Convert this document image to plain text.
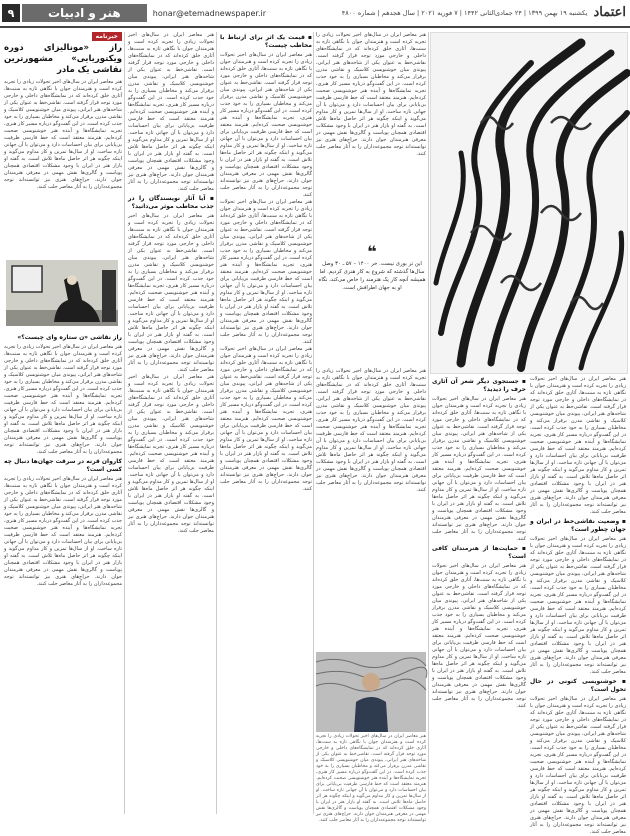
۹	هنر و ادبیات	honar@etemadnewspaper.ir	اعتماد
یکشنبه ۱۹ بهمن ۱۳۹۹ | ۲۴ جمادی‌الثانی ۱۴۴۲ | ۷ فوریه ۲۰۲۱ | سال هجدهم | شماره ۴۸۰۰
خبرنامه
راز «مونالیزای دوره ویکتوریایی» مشهورترین نقاشی یک مادر
هنر معاصر ایران در سال‌های اخیر تحولات زیادی را تجربه کرده است و هنرمندان جوان با نگاهی تازه به سنت‌ها، آثاری خلق کرده‌اند که در نمایشگاه‌های داخلی و خارجی مورد توجه قرار گرفته است. نقاشی‌خط به عنوان یکی از شاخه‌های هنر ایرانی، پیوندی میان خوشنویسی کلاسیک و نقاشی مدرن برقرار می‌کند و مخاطبان بسیاری را به خود جذب کرده است. در این گفت‌وگو درباره مسیر کار هنری، تجربه نمایشگاه‌ها و آینده هنر خوشنویسی صحبت کرده‌ایم. هنرمند معتقد است که خط فارسی ظرفیت بی‌پایانی برای بیان احساسات دارد و می‌توان با آن جهانی تازه ساخت. او از سال‌ها تمرین و کار مداوم می‌گوید و اینکه چگونه هر اثر حاصل ماه‌ها تلاش است. به گفته او بازار هنر در ایران با وجود مشکلات اقتصادی همچنان پویاست و گالری‌ها نقش مهمی در معرفی هنرمندان جوان دارند. حراج‌های هنری نیز توانسته‌اند توجه مجموعه‌داران را به آثار معاصر جلب کنند.
راز نقاشی «ن ستاره وای چیست؟»
هنر معاصر ایران در سال‌های اخیر تحولات زیادی را تجربه کرده است و هنرمندان جوان با نگاهی تازه به سنت‌ها، آثاری خلق کرده‌اند که در نمایشگاه‌های داخلی و خارجی مورد توجه قرار گرفته است. نقاشی‌خط به عنوان یکی از شاخه‌های هنر ایرانی، پیوندی میان خوشنویسی کلاسیک و نقاشی مدرن برقرار می‌کند و مخاطبان بسیاری را به خود جذب کرده است. در این گفت‌وگو درباره مسیر کار هنری، تجربه نمایشگاه‌ها و آینده هنر خوشنویسی صحبت کرده‌ایم. هنرمند معتقد است که خط فارسی ظرفیت بی‌پایانی برای بیان احساسات دارد و می‌توان با آن جهانی تازه ساخت. او از سال‌ها تمرین و کار مداوم می‌گوید و اینکه چگونه هر اثر حاصل ماه‌ها تلاش است. به گفته او بازار هنر در ایران با وجود مشکلات اقتصادی همچنان پویاست و گالری‌ها نقش مهمی در معرفی هنرمندان جوان دارند. حراج‌های هنری نیز توانسته‌اند توجه مجموعه‌داران را به آثار معاصر جلب کنند.
کاروان قرنه در سرقت جهان‌ها دنبال چه کسی است؟
هنر معاصر ایران در سال‌های اخیر تحولات زیادی را تجربه کرده است و هنرمندان جوان با نگاهی تازه به سنت‌ها، آثاری خلق کرده‌اند که در نمایشگاه‌های داخلی و خارجی مورد توجه قرار گرفته است. نقاشی‌خط به عنوان یکی از شاخه‌های هنر ایرانی، پیوندی میان خوشنویسی کلاسیک و نقاشی مدرن برقرار می‌کند و مخاطبان بسیاری را به خود جذب کرده است. در این گفت‌وگو درباره مسیر کار هنری، تجربه نمایشگاه‌ها و آینده هنر خوشنویسی صحبت کرده‌ایم. هنرمند معتقد است که خط فارسی ظرفیت بی‌پایانی برای بیان احساسات دارد و می‌توان با آن جهانی تازه ساخت. او از سال‌ها تمرین و کار مداوم می‌گوید و اینکه چگونه هر اثر حاصل ماه‌ها تلاش است. به گفته او بازار هنر در ایران با وجود مشکلات اقتصادی همچنان پویاست و گالری‌ها نقش مهمی در معرفی هنرمندان جوان دارند. حراج‌های هنری نیز توانسته‌اند توجه مجموعه‌داران را به آثار معاصر جلب کنند.
هنر معاصر ایران در سال‌های اخیر تحولات زیادی را تجربه کرده است و هنرمندان جوان با نگاهی تازه به سنت‌ها، آثاری خلق کرده‌اند که در نمایشگاه‌های داخلی و خارجی مورد توجه قرار گرفته است. نقاشی‌خط به عنوان یکی از شاخه‌های هنر ایرانی، پیوندی میان خوشنویسی کلاسیک و نقاشی مدرن برقرار می‌کند و مخاطبان بسیاری را به خود جذب کرده است. در این گفت‌وگو درباره مسیر کار هنری، تجربه نمایشگاه‌ها و آینده هنر خوشنویسی صحبت کرده‌ایم. هنرمند معتقد است که خط فارسی ظرفیت بی‌پایانی برای بیان احساسات دارد و می‌توان با آن جهانی تازه ساخت. او از سال‌ها تمرین و کار مداوم می‌گوید و اینکه چگونه هر اثر حاصل ماه‌ها تلاش است. به گفته او بازار هنر در ایران با وجود مشکلات اقتصادی همچنان پویاست و گالری‌ها نقش مهمی در معرفی هنرمندان جوان دارند. حراج‌های هنری نیز توانسته‌اند توجه مجموعه‌داران را به آثار معاصر جلب کنند.
▪ آیا آثار نویسندگان را در جذب مخاطب موثر می‌دانید؟
هنر معاصر ایران در سال‌های اخیر تحولات زیادی را تجربه کرده است و هنرمندان جوان با نگاهی تازه به سنت‌ها، آثاری خلق کرده‌اند که در نمایشگاه‌های داخلی و خارجی مورد توجه قرار گرفته است. نقاشی‌خط به عنوان یکی از شاخه‌های هنر ایرانی، پیوندی میان خوشنویسی کلاسیک و نقاشی مدرن برقرار می‌کند و مخاطبان بسیاری را به خود جذب کرده است. در این گفت‌وگو درباره مسیر کار هنری، تجربه نمایشگاه‌ها و آینده هنر خوشنویسی صحبت کرده‌ایم. هنرمند معتقد است که خط فارسی ظرفیت بی‌پایانی برای بیان احساسات دارد و می‌توان با آن جهانی تازه ساخت. او از سال‌ها تمرین و کار مداوم می‌گوید و اینکه چگونه هر اثر حاصل ماه‌ها تلاش است. به گفته او بازار هنر در ایران با وجود مشکلات اقتصادی همچنان پویاست و گالری‌ها نقش مهمی در معرفی هنرمندان جوان دارند. حراج‌های هنری نیز توانسته‌اند توجه مجموعه‌داران را به آثار معاصر جلب کنند.
هنر معاصر ایران در سال‌های اخیر تحولات زیادی را تجربه کرده است و هنرمندان جوان با نگاهی تازه به سنت‌ها، آثاری خلق کرده‌اند که در نمایشگاه‌های داخلی و خارجی مورد توجه قرار گرفته است. نقاشی‌خط به عنوان یکی از شاخه‌های هنر ایرانی، پیوندی میان خوشنویسی کلاسیک و نقاشی مدرن برقرار می‌کند و مخاطبان بسیاری را به خود جذب کرده است. در این گفت‌وگو درباره مسیر کار هنری، تجربه نمایشگاه‌ها و آینده هنر خوشنویسی صحبت کرده‌ایم. هنرمند معتقد است که خط فارسی ظرفیت بی‌پایانی برای بیان احساسات دارد و می‌توان با آن جهانی تازه ساخت. او از سال‌ها تمرین و کار مداوم می‌گوید و اینکه چگونه هر اثر حاصل ماه‌ها تلاش است. به گفته او بازار هنر در ایران با وجود مشکلات اقتصادی همچنان پویاست و گالری‌ها نقش مهمی در معرفی هنرمندان جوان دارند. حراج‌های هنری نیز توانسته‌اند توجه مجموعه‌داران را به آثار معاصر جلب کنند.
▪ قیمت یک اثر برای ارتباط با مخاطب چیست؟
هنر معاصر ایران در سال‌های اخیر تحولات زیادی را تجربه کرده است و هنرمندان جوان با نگاهی تازه به سنت‌ها، آثاری خلق کرده‌اند که در نمایشگاه‌های داخلی و خارجی مورد توجه قرار گرفته است. نقاشی‌خط به عنوان یکی از شاخه‌های هنر ایرانی، پیوندی میان خوشنویسی کلاسیک و نقاشی مدرن برقرار می‌کند و مخاطبان بسیاری را به خود جذب کرده است. در این گفت‌وگو درباره مسیر کار هنری، تجربه نمایشگاه‌ها و آینده هنر خوشنویسی صحبت کرده‌ایم. هنرمند معتقد است که خط فارسی ظرفیت بی‌پایانی برای بیان احساسات دارد و می‌توان با آن جهانی تازه ساخت. او از سال‌ها تمرین و کار مداوم می‌گوید و اینکه چگونه هر اثر حاصل ماه‌ها تلاش است. به گفته او بازار هنر در ایران با وجود مشکلات اقتصادی همچنان پویاست و گالری‌ها نقش مهمی در معرفی هنرمندان جوان دارند. حراج‌های هنری نیز توانسته‌اند توجه مجموعه‌داران را به آثار معاصر جلب کنند.
هنر معاصر ایران در سال‌های اخیر تحولات زیادی را تجربه کرده است و هنرمندان جوان با نگاهی تازه به سنت‌ها، آثاری خلق کرده‌اند که در نمایشگاه‌های داخلی و خارجی مورد توجه قرار گرفته است. نقاشی‌خط به عنوان یکی از شاخه‌های هنر ایرانی، پیوندی میان خوشنویسی کلاسیک و نقاشی مدرن برقرار می‌کند و مخاطبان بسیاری را به خود جذب کرده است. در این گفت‌وگو درباره مسیر کار هنری، تجربه نمایشگاه‌ها و آینده هنر خوشنویسی صحبت کرده‌ایم. هنرمند معتقد است که خط فارسی ظرفیت بی‌پایانی برای بیان احساسات دارد و می‌توان با آن جهانی تازه ساخت. او از سال‌ها تمرین و کار مداوم می‌گوید و اینکه چگونه هر اثر حاصل ماه‌ها تلاش است. به گفته او بازار هنر در ایران با وجود مشکلات اقتصادی همچنان پویاست و گالری‌ها نقش مهمی در معرفی هنرمندان جوان دارند. حراج‌های هنری نیز توانسته‌اند توجه مجموعه‌داران را به آثار معاصر جلب کنند.
هنر معاصر ایران در سال‌های اخیر تحولات زیادی را تجربه کرده است و هنرمندان جوان با نگاهی تازه به سنت‌ها، آثاری خلق کرده‌اند که در نمایشگاه‌های داخلی و خارجی مورد توجه قرار گرفته است. نقاشی‌خط به عنوان یکی از شاخه‌های هنر ایرانی، پیوندی میان خوشنویسی کلاسیک و نقاشی مدرن برقرار می‌کند و مخاطبان بسیاری را به خود جذب کرده است. در این گفت‌وگو درباره مسیر کار هنری، تجربه نمایشگاه‌ها و آینده هنر خوشنویسی صحبت کرده‌ایم. هنرمند معتقد است که خط فارسی ظرفیت بی‌پایانی برای بیان احساسات دارد و می‌توان با آن جهانی تازه ساخت. او از سال‌ها تمرین و کار مداوم می‌گوید و اینکه چگونه هر اثر حاصل ماه‌ها تلاش است. به گفته او بازار هنر در ایران با وجود مشکلات اقتصادی همچنان پویاست و گالری‌ها نقش مهمی در معرفی هنرمندان جوان دارند. حراج‌های هنری نیز توانسته‌اند توجه مجموعه‌داران را به آثار معاصر جلب کنند.
هنر معاصر ایران در سال‌های اخیر تحولات زیادی را تجربه کرده است و هنرمندان جوان با نگاهی تازه به سنت‌ها، آثاری خلق کرده‌اند که در نمایشگاه‌های داخلی و خارجی مورد توجه قرار گرفته است. نقاشی‌خط به عنوان یکی از شاخه‌های هنر ایرانی، پیوندی میان خوشنویسی کلاسیک و نقاشی مدرن برقرار می‌کند و مخاطبان بسیاری را به خود جذب کرده است. در این گفت‌وگو درباره مسیر کار هنری، تجربه نمایشگاه‌ها و آینده هنر خوشنویسی صحبت کرده‌ایم. هنرمند معتقد است که خط فارسی ظرفیت بی‌پایانی برای بیان احساسات دارد و می‌توان با آن جهانی تازه ساخت. او از سال‌ها تمرین و کار مداوم می‌گوید و اینکه چگونه هر اثر حاصل ماه‌ها تلاش است. به گفته او بازار هنر در ایران با وجود مشکلات اقتصادی همچنان پویاست و گالری‌ها نقش مهمی در معرفی هنرمندان جوان دارند. حراج‌های هنری نیز توانسته‌اند توجه مجموعه‌داران را به آثار معاصر جلب کنند.
❝
این تر بوری نیست. خر ۱۴۰۰ – ۵۷ ـ ۳۰ وصل سال‌ها گذشته که شروع به کار هنری کردیم. اما همیشه آنچه کار یک هنرمند را خاص می‌کند، نگاه او به جهان اطرافش است.
هنر معاصر ایران در سال‌های اخیر تحولات زیادی را تجربه کرده است و هنرمندان جوان با نگاهی تازه به سنت‌ها، آثاری خلق کرده‌اند که در نمایشگاه‌های داخلی و خارجی مورد توجه قرار گرفته است. نقاشی‌خط به عنوان یکی از شاخه‌های هنر ایرانی، پیوندی میان خوشنویسی کلاسیک و نقاشی مدرن برقرار می‌کند و مخاطبان بسیاری را به خود جذب کرده است. در این گفت‌وگو درباره مسیر کار هنری، تجربه نمایشگاه‌ها و آینده هنر خوشنویسی صحبت کرده‌ایم. هنرمند معتقد است که خط فارسی ظرفیت بی‌پایانی برای بیان احساسات دارد و می‌توان با آن جهانی تازه ساخت. او از سال‌ها تمرین و کار مداوم می‌گوید و اینکه چگونه هر اثر حاصل ماه‌ها تلاش است. به گفته او بازار هنر در ایران با وجود مشکلات اقتصادی همچنان پویاست و گالری‌ها نقش مهمی در معرفی هنرمندان جوان دارند. حراج‌های هنری نیز توانسته‌اند توجه مجموعه‌داران را به آثار معاصر جلب کنند.
هنر معاصر ایران در سال‌های اخیر تحولات زیادی را تجربه کرده است و هنرمندان جوان با نگاهی تازه به سنت‌ها، آثاری خلق کرده‌اند که در نمایشگاه‌های داخلی و خارجی مورد توجه قرار گرفته است. نقاشی‌خط به عنوان یکی از شاخه‌های هنر ایرانی، پیوندی میان خوشنویسی کلاسیک و نقاشی مدرن برقرار می‌کند و مخاطبان بسیاری را به خود جذب کرده است. در این گفت‌وگو درباره مسیر کار هنری، تجربه نمایشگاه‌ها و آینده هنر خوشنویسی صحبت کرده‌ایم. هنرمند معتقد است که خط فارسی ظرفیت بی‌پایانی برای بیان احساسات دارد و می‌توان با آن جهانی تازه ساخت. او از سال‌ها تمرین و کار مداوم می‌گوید و اینکه چگونه هر اثر حاصل ماه‌ها تلاش است. به گفته او بازار هنر در ایران با وجود مشکلات اقتصادی همچنان پویاست و گالری‌ها نقش مهمی در معرفی هنرمندان جوان دارند. حراج‌های هنری نیز توانسته‌اند توجه مجموعه‌داران را به آثار معاصر جلب کنند.
هنر معاصر ایران در سال‌های اخیر تحولات زیادی را تجربه کرده است و هنرمندان جوان با نگاهی تازه به سنت‌ها، آثاری خلق کرده‌اند که در نمایشگاه‌های داخلی و خارجی مورد توجه قرار گرفته است. نقاشی‌خط به عنوان یکی از شاخه‌های هنر ایرانی، پیوندی میان خوشنویسی کلاسیک و نقاشی مدرن برقرار می‌کند و مخاطبان بسیاری را به خود جذب کرده است. در این گفت‌وگو درباره مسیر کار هنری، تجربه نمایشگاه‌ها و آینده هنر خوشنویسی صحبت کرده‌ایم. هنرمند معتقد است که خط فارسی ظرفیت بی‌پایانی برای بیان احساسات دارد و می‌توان با آن جهانی تازه ساخت. او از سال‌ها تمرین و کار مداوم می‌گوید و اینکه چگونه هر اثر حاصل ماه‌ها تلاش است. به گفته او بازار هنر در ایران با وجود مشکلات اقتصادی همچنان پویاست و گالری‌ها نقش مهمی در معرفی هنرمندان جوان دارند. حراج‌های هنری نیز توانسته‌اند توجه مجموعه‌داران را به آثار معاصر جلب کنند.
▪ وضعیت نقاشی‌خط در ایران و جهان چطور است؟
هنر معاصر ایران در سال‌های اخیر تحولات زیادی را تجربه کرده است و هنرمندان جوان با نگاهی تازه به سنت‌ها، آثاری خلق کرده‌اند که در نمایشگاه‌های داخلی و خارجی مورد توجه قرار گرفته است. نقاشی‌خط به عنوان یکی از شاخه‌های هنر ایرانی، پیوندی میان خوشنویسی کلاسیک و نقاشی مدرن برقرار می‌کند و مخاطبان بسیاری را به خود جذب کرده است. در این گفت‌وگو درباره مسیر کار هنری، تجربه نمایشگاه‌ها و آینده هنر خوشنویسی صحبت کرده‌ایم. هنرمند معتقد است که خط فارسی ظرفیت بی‌پایانی برای بیان احساسات دارد و می‌توان با آن جهانی تازه ساخت. او از سال‌ها تمرین و کار مداوم می‌گوید و اینکه چگونه هر اثر حاصل ماه‌ها تلاش است. به گفته او بازار هنر در ایران با وجود مشکلات اقتصادی همچنان پویاست و گالری‌ها نقش مهمی در معرفی هنرمندان جوان دارند. حراج‌های هنری نیز توانسته‌اند توجه مجموعه‌داران را به آثار معاصر جلب کنند.
▪ خوشنویسی کنونی در حال تحول است؟
هنر معاصر ایران در سال‌های اخیر تحولات زیادی را تجربه کرده است و هنرمندان جوان با نگاهی تازه به سنت‌ها، آثاری خلق کرده‌اند که در نمایشگاه‌های داخلی و خارجی مورد توجه قرار گرفته است. نقاشی‌خط به عنوان یکی از شاخه‌های هنر ایرانی، پیوندی میان خوشنویسی کلاسیک و نقاشی مدرن برقرار می‌کند و مخاطبان بسیاری را به خود جذب کرده است. در این گفت‌وگو درباره مسیر کار هنری، تجربه نمایشگاه‌ها و آینده هنر خوشنویسی صحبت کرده‌ایم. هنرمند معتقد است که خط فارسی ظرفیت بی‌پایانی برای بیان احساسات دارد و می‌توان با آن جهانی تازه ساخت. او از سال‌ها تمرین و کار مداوم می‌گوید و اینکه چگونه هر اثر حاصل ماه‌ها تلاش است. به گفته او بازار هنر در ایران با وجود مشکلات اقتصادی همچنان پویاست و گالری‌ها نقش مهمی در معرفی هنرمندان جوان دارند. حراج‌های هنری نیز توانسته‌اند توجه مجموعه‌داران را به آثار معاصر جلب کنند.
▪ جستجوی دیگر شعر آن آثاری حرف را دیدید؟
هنر معاصر ایران در سال‌های اخیر تحولات زیادی را تجربه کرده است و هنرمندان جوان با نگاهی تازه به سنت‌ها، آثاری خلق کرده‌اند که در نمایشگاه‌های داخلی و خارجی مورد توجه قرار گرفته است. نقاشی‌خط به عنوان یکی از شاخه‌های هنر ایرانی، پیوندی میان خوشنویسی کلاسیک و نقاشی مدرن برقرار می‌کند و مخاطبان بسیاری را به خود جذب کرده است. در این گفت‌وگو درباره مسیر کار هنری، تجربه نمایشگاه‌ها و آینده هنر خوشنویسی صحبت کرده‌ایم. هنرمند معتقد است که خط فارسی ظرفیت بی‌پایانی برای بیان احساسات دارد و می‌توان با آن جهانی تازه ساخت. او از سال‌ها تمرین و کار مداوم می‌گوید و اینکه چگونه هر اثر حاصل ماه‌ها تلاش است. به گفته او بازار هنر در ایران با وجود مشکلات اقتصادی همچنان پویاست و گالری‌ها نقش مهمی در معرفی هنرمندان جوان دارند. حراج‌های هنری نیز توانسته‌اند توجه مجموعه‌داران را به آثار معاصر جلب کنند.
▪ حمایت‌ها از هنرمندان کافی است؟
هنر معاصر ایران در سال‌های اخیر تحولات زیادی را تجربه کرده است و هنرمندان جوان با نگاهی تازه به سنت‌ها، آثاری خلق کرده‌اند که در نمایشگاه‌های داخلی و خارجی مورد توجه قرار گرفته است. نقاشی‌خط به عنوان یکی از شاخه‌های هنر ایرانی، پیوندی میان خوشنویسی کلاسیک و نقاشی مدرن برقرار می‌کند و مخاطبان بسیاری را به خود جذب کرده است. در این گفت‌وگو درباره مسیر کار هنری، تجربه نمایشگاه‌ها و آینده هنر خوشنویسی صحبت کرده‌ایم. هنرمند معتقد است که خط فارسی ظرفیت بی‌پایانی برای بیان احساسات دارد و می‌توان با آن جهانی تازه ساخت. او از سال‌ها تمرین و کار مداوم می‌گوید و اینکه چگونه هر اثر حاصل ماه‌ها تلاش است. به گفته او بازار هنر در ایران با وجود مشکلات اقتصادی همچنان پویاست و گالری‌ها نقش مهمی در معرفی هنرمندان جوان دارند. حراج‌های هنری نیز توانسته‌اند توجه مجموعه‌داران را به آثار معاصر جلب کنند.
